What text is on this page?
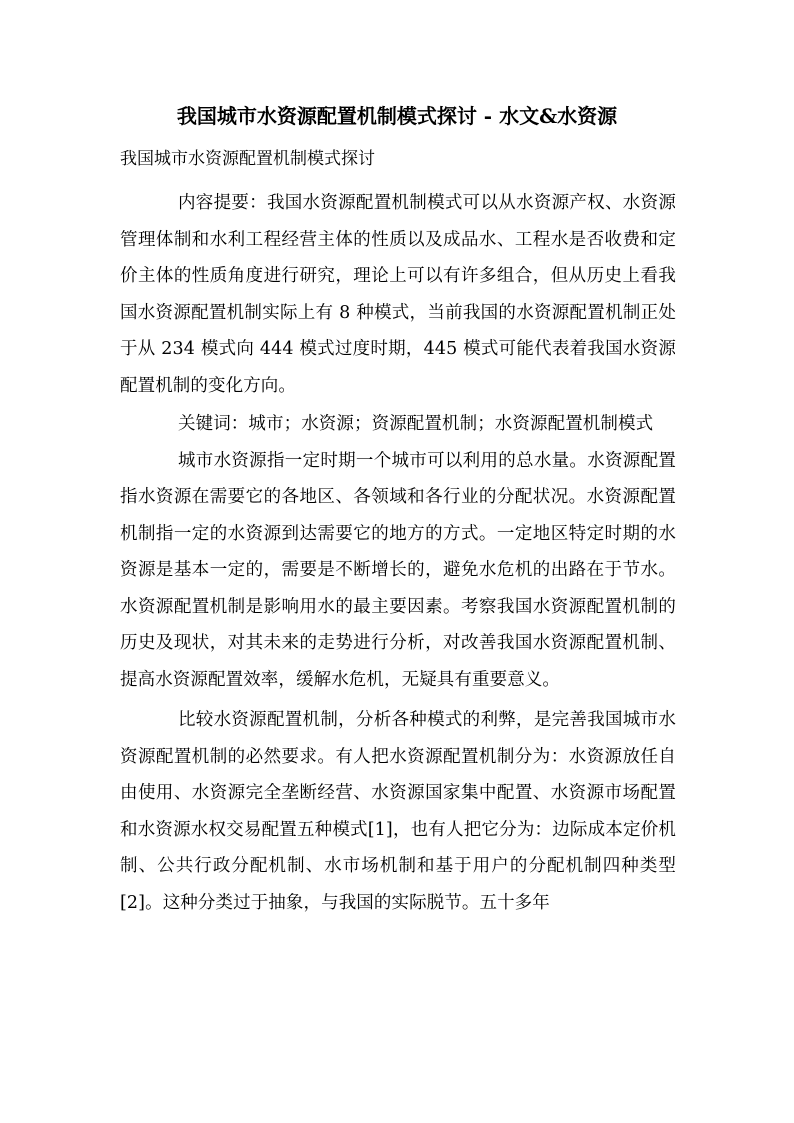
我国城市水资源配置机制模式探讨 - 水文&水资源

我国城市水资源配置机制模式探讨

内容提要：我国水资源配置机制模式可以从水资源产权、水资源管理体制和水利工程经营主体的性质以及成品水、工程水是否收费和定价主体的性质角度进行研究，理论上可以有许多组合，但从历史上看我国水资源配置机制实际上有 8 种模式，当前我国的水资源配置机制正处于从 234 模式向 444 模式过度时期，445 模式可能代表着我国水资源配置机制的变化方向。

关键词：城市；水资源；资源配置机制；水资源配置机制模式

城市水资源指一定时期一个城市可以利用的总水量。水资源配置指水资源在需要它的各地区、各领域和各行业的分配状况。水资源配置机制指一定的水资源到达需要它的地方的方式。一定地区特定时期的水资源是基本一定的，需要是不断增长的，避免水危机的出路在于节水。水资源配置机制是影响用水的最主要因素。考察我国水资源配置机制的历史及现状，对其未来的走势进行分析，对改善我国水资源配置机制、提高水资源配置效率，缓解水危机，无疑具有重要意义。

比较水资源配置机制，分析各种模式的利弊，是完善我国城市水资源配置机制的必然要求。有人把水资源配置机制分为：水资源放任自由使用、水资源完全垄断经营、水资源国家集中配置、水资源市场配置和水资源水权交易配置五种模式[1]，也有人把它分为：边际成本定价机制、公共行政分配机制、水市场机制和基于用户的分配机制四种类型[2]。这种分类过于抽象，与我国的实际脱节。五十多年
